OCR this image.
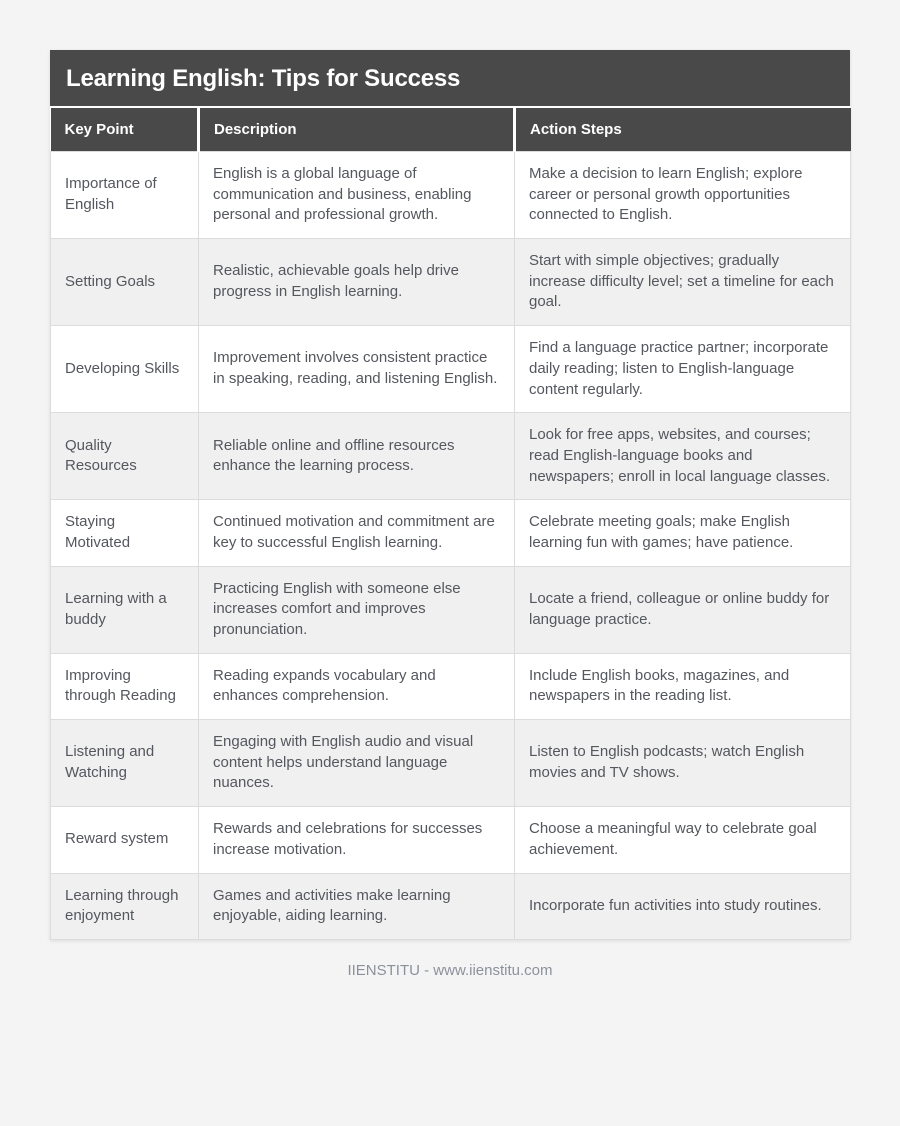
Learning English: Tips for Success
Key Point	Description	Action Steps
Importance of English	English is a global language of communication and business, enabling personal and professional growth.	Make a decision to learn English; explore career or personal growth opportunities connected to English.
Setting Goals	Realistic, achievable goals help drive progress in English learning.	Start with simple objectives; gradually increase difficulty level; set a timeline for each goal.
Developing Skills	Improvement involves consistent practice in speaking, reading, and listening English.	Find a language practice partner; incorporate daily reading; listen to English-language content regularly.
Quality Resources	Reliable online and offline resources enhance the learning process.	Look for free apps, websites, and courses; read English-language books and newspapers; enroll in local language classes.
Staying Motivated	Continued motivation and commitment are key to successful English learning.	Celebrate meeting goals; make English learning fun with games; have patience.
Learning with a buddy	Practicing English with someone else increases comfort and improves pronunciation.	Locate a friend, colleague or online buddy for language practice.
Improving through Reading	Reading expands vocabulary and enhances comprehension.	Include English books, magazines, and newspapers in the reading list.
Listening and Watching	Engaging with English audio and visual content helps understand language nuances.	Listen to English podcasts; watch English movies and TV shows.
Reward system	Rewards and celebrations for successes increase motivation.	Choose a meaningful way to celebrate goal achievement.
Learning through enjoyment	Games and activities make learning enjoyable, aiding learning.	Incorporate fun activities into study routines.
IIENSTITU - www.iienstitu.com
